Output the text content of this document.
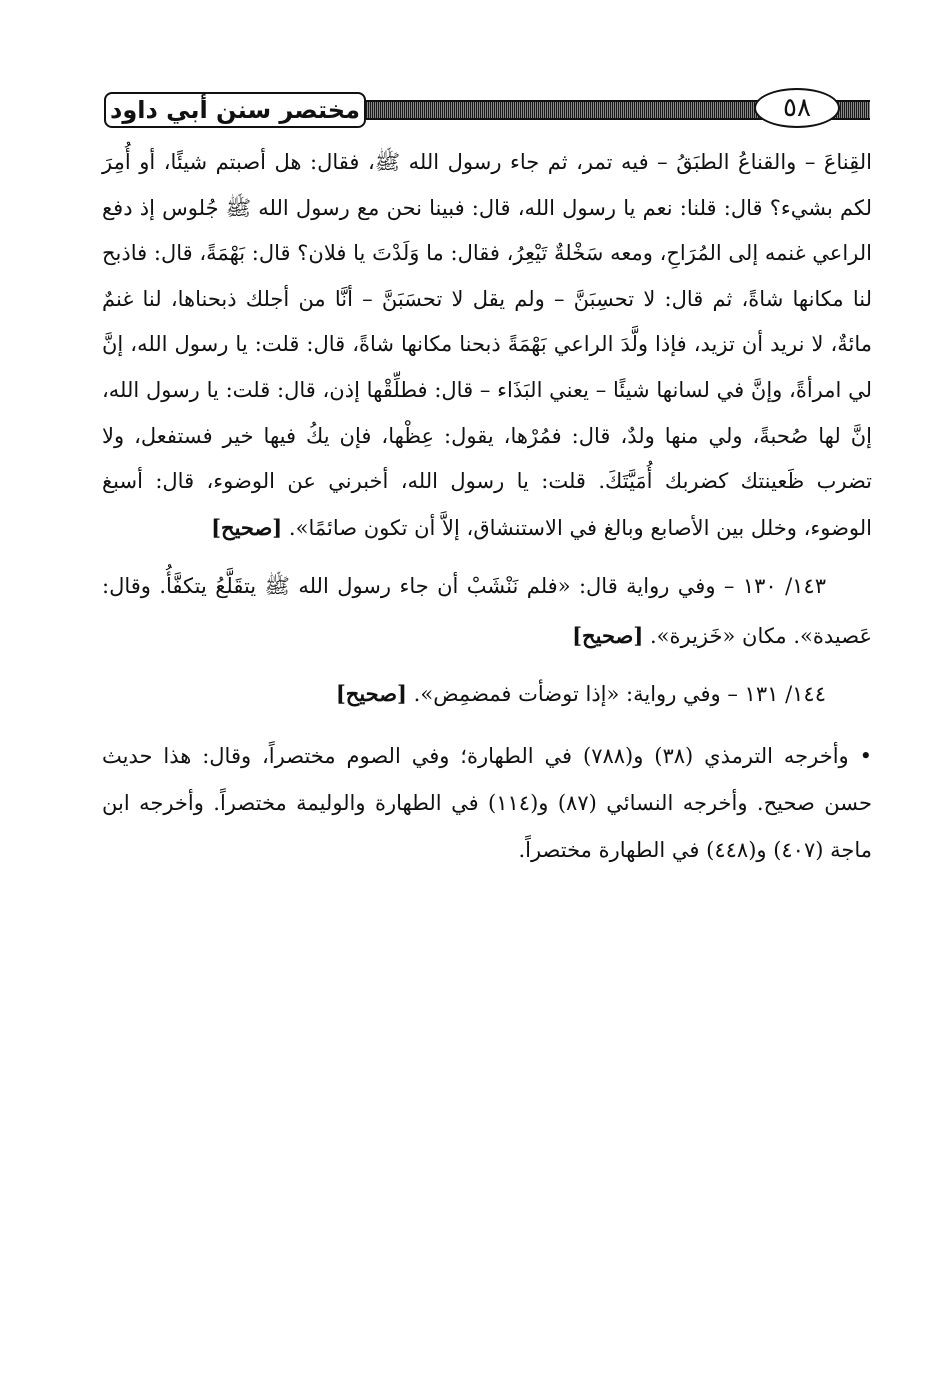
مختصر سنن أبي داود	٥٨

القِناعَ – والقناعُ الطبَقُ – فيه تمر، ثم جاء رسول الله ﷺ، فقال: هل أصبتم شيئًا، أو أُمِرَ لكم بشيء؟ قال: قلنا: نعم يا رسول الله، قال: فبينا نحن مع رسول الله ﷺ جُلوس إذ دفع الراعي غنمه إلى المُرَاحِ، ومعه سَخْلةٌ تَيْعِرُ، فقال: ما وَلَدْتَ يا فلان؟ قال: بَهْمَةً، قال: فاذبح لنا مكانها شاةً، ثم قال: لا تحسِبَنَّ – ولم يقل لا تحسَبَنَّ – أنَّا من أجلك ذبحناها، لنا غنمٌ مائةٌ، لا نريد أن تزيد، فإذا ولَّدَ الراعي بَهْمَةً ذبحنا مكانها شاةً، قال: قلت: يا رسول الله، إنَّ لي امرأةً، وإنَّ في لسانها شيئًا – يعني البَذَاء – قال: فطلِّقْها إذن، قال: قلت: يا رسول الله، إنَّ لها صُحبةً، ولي منها ولدٌ، قال: فمُرْها، يقول: عِظْها، فإن يكُ فيها خير فستفعل، ولا تضرب ظَعينتك كضربك أُمَيَّتَكَ. قلت: يا رسول الله، أخبرني عن الوضوء، قال: أسبغ الوضوء، وخلل بين الأصابع وبالغ في الاستنشاق، إلاَّ أن تكون صائمًا». [صحيح]

١٤٣/ ١٣٠ – وفي رواية قال: «فلم نَنْشَبْ أن جاء رسول الله ﷺ يتقَلَّعُ يتكفَّأُ. وقال: عَصيدة». مكان «خَزيرة». [صحيح]

١٤٤/ ١٣١ – وفي رواية: «إذا توضأت فمضمِض». [صحيح]

• وأخرجه الترمذي (٣٨) و(٧٨٨) في الطهارة؛ وفي الصوم مختصراً، وقال: هذا حديث حسن صحيح. وأخرجه النسائي (٨٧) و(١١٤) في الطهارة والوليمة مختصراً. وأخرجه ابن ماجة (٤٠٧) و(٤٤٨) في الطهارة مختصراً.
